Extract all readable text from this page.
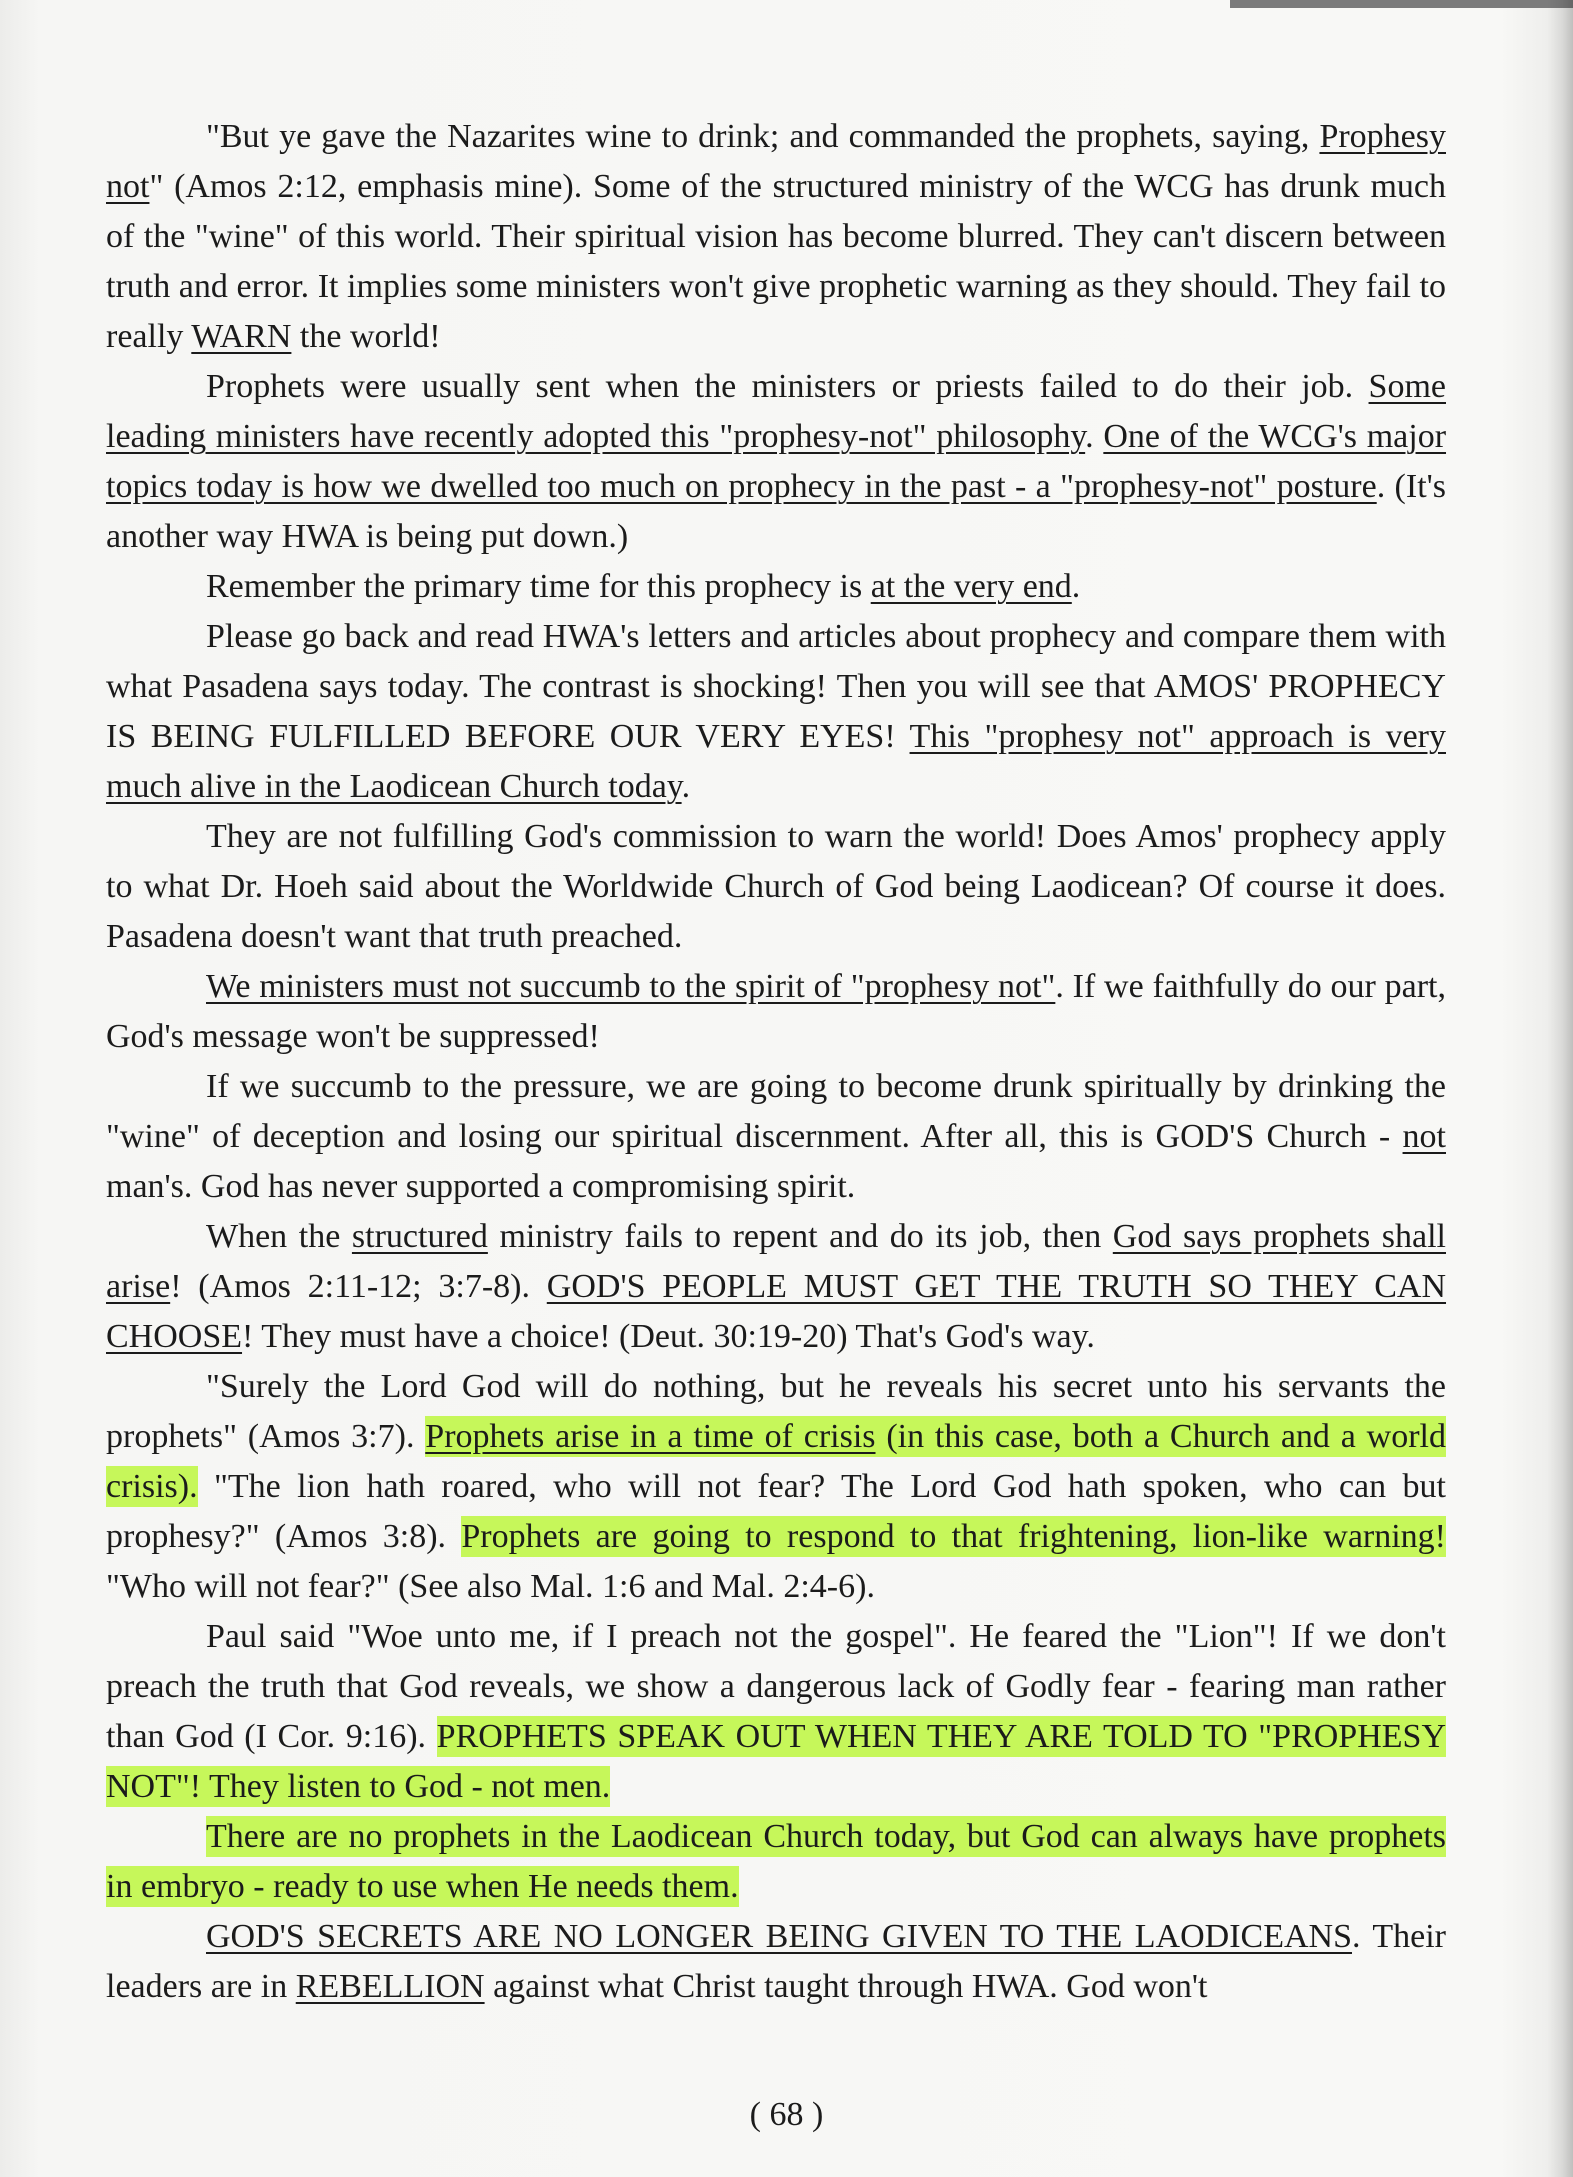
"But ye gave the Nazarites wine to drink; and commanded the prophets, saying, Prophesy not" (Amos 2:12, emphasis mine). Some of the structured ministry of the WCG has drunk much of the "wine" of this world. Their spiritual vision has become blurred. They can't discern between truth and error. It implies some ministers won't give prophetic warning as they should. They fail to really WARN the world!

Prophets were usually sent when the ministers or priests failed to do their job. Some leading ministers have recently adopted this "prophesy-not" philosophy. One of the WCG's major topics today is how we dwelled too much on prophecy in the past - a "prophesy-not" posture. (It's another way HWA is being put down.)

Remember the primary time for this prophecy is at the very end.

Please go back and read HWA's letters and articles about prophecy and compare them with what Pasadena says today. The contrast is shocking! Then you will see that AMOS' PROPHECY IS BEING FULFILLED BEFORE OUR VERY EYES! This "prophesy not" approach is very much alive in the Laodicean Church today.

They are not fulfilling God's commission to warn the world! Does Amos' prophecy apply to what Dr. Hoeh said about the Worldwide Church of God being Laodicean? Of course it does. Pasadena doesn't want that truth preached.

We ministers must not succumb to the spirit of "prophesy not". If we faithfully do our part, God's message won't be suppressed!

If we succumb to the pressure, we are going to become drunk spiritually by drinking the "wine" of deception and losing our spiritual discernment. After all, this is GOD'S Church - not man's. God has never supported a compromising spirit.

When the structured ministry fails to repent and do its job, then God says prophets shall arise! (Amos 2:11-12; 3:7-8). GOD'S PEOPLE MUST GET THE TRUTH SO THEY CAN CHOOSE! They must have a choice! (Deut. 30:19-20) That's God's way.

"Surely the Lord God will do nothing, but he reveals his secret unto his servants the prophets" (Amos 3:7). Prophets arise in a time of crisis (in this case, both a Church and a world crisis). "The lion hath roared, who will not fear? The Lord God hath spoken, who can but prophesy?" (Amos 3:8). Prophets are going to respond to that frightening, lion-like warning! "Who will not fear?" (See also Mal. 1:6 and Mal. 2:4-6).

Paul said "Woe unto me, if I preach not the gospel". He feared the "Lion"! If we don't preach the truth that God reveals, we show a dangerous lack of Godly fear - fearing man rather than God (I Cor. 9:16). PROPHETS SPEAK OUT WHEN THEY ARE TOLD TO "PROPHESY NOT"! They listen to God - not men.

There are no prophets in the Laodicean Church today, but God can always have prophets in embryo - ready to use when He needs them.

GOD'S SECRETS ARE NO LONGER BEING GIVEN TO THE LAODICEANS. Their leaders are in REBELLION against what Christ taught through HWA. God won't

( 68 )
